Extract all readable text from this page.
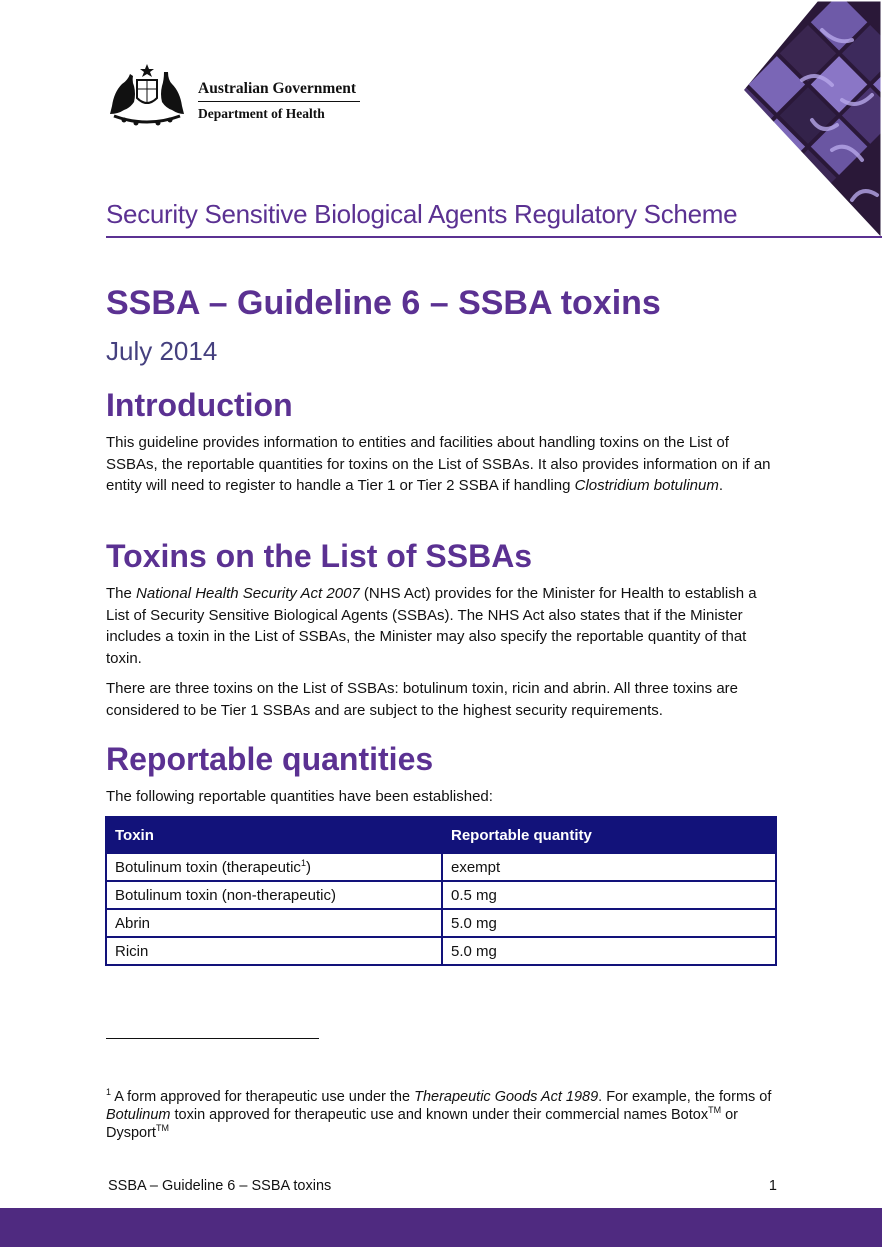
Australian Government
Department of Health
Security Sensitive Biological Agents Regulatory Scheme
SSBA – Guideline 6 – SSBA toxins
July 2014
Introduction

This guideline provides information to entities and facilities about handling toxins on the List of SSBAs, the reportable quantities for toxins on the List of SSBAs. It also provides information on if an entity will need to register to handle a Tier 1 or Tier 2 SSBA if handling Clostridium botulinum.

Toxins on the List of SSBAs

The National Health Security Act 2007 (NHS Act) provides for the Minister for Health to establish a List of Security Sensitive Biological Agents (SSBAs). The NHS Act also states that if the Minister includes a toxin in the List of SSBAs, the Minister may also specify the reportable quantity of that toxin.

There are three toxins on the List of SSBAs: botulinum toxin, ricin and abrin. All three toxins are considered to be Tier 1 SSBAs and are subject to the highest security requirements.

Reportable quantities

The following reportable quantities have been established:

Toxin	Reportable quantity
Botulinum toxin (therapeutic$^1$)	exempt
Botulinum toxin (non-therapeutic)	0.5 mg
Abrin	5.0 mg
Ricin	5.0 mg

$^1$ A form approved for therapeutic use under the Therapeutic Goods Act 1989. For example, the forms of Botulinum toxin approved for therapeutic use and known under their commercial names Botox™ or Dysport™

SSBA – Guideline 6 – SSBA toxins	1
